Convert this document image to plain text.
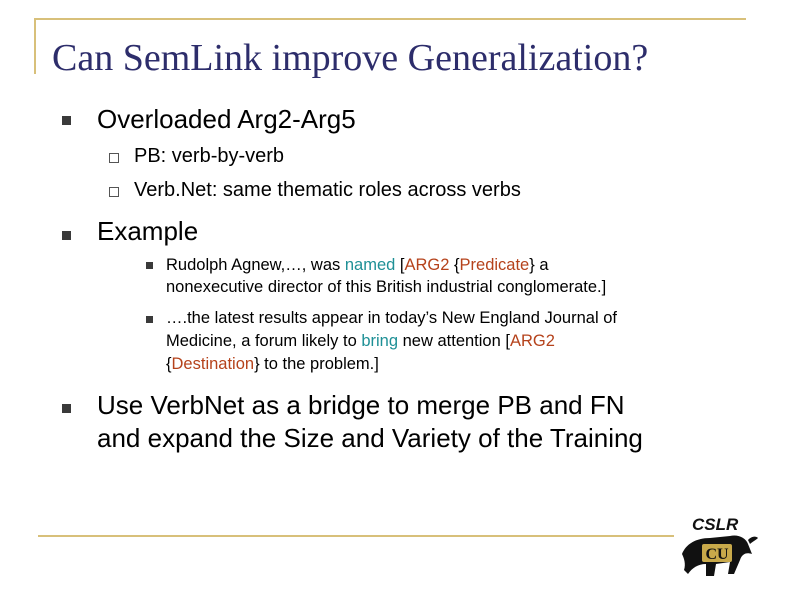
Can SemLink improve Generalization?
Overloaded Arg2-Arg5
PB: verb-by-verb
Verb.Net: same thematic roles across verbs
Example
Rudolph Agnew,…, was named [ARG2 {Predicate} a
nonexecutive director of this British industrial conglomerate.]
….the latest results appear in today’s New England Journal of
Medicine, a forum likely to bring new attention [ARG2
{Destination} to the problem.]
Use VerbNet as a bridge to merge PB and FN
and expand the Size and Variety of the Training
CSLR
CU
